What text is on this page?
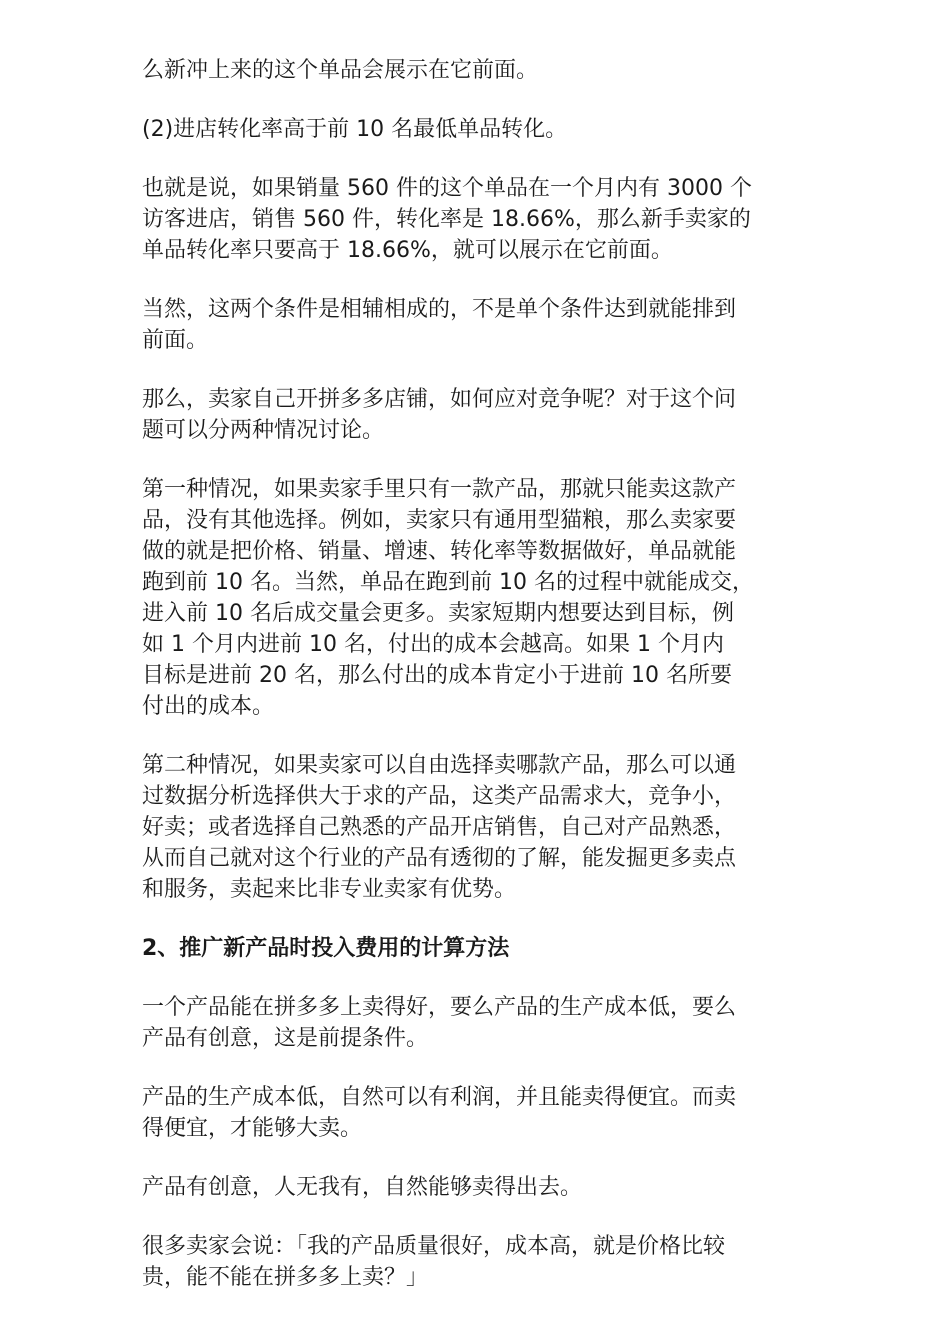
么新冲上来的这个单品会展示在它前面。

(2)进店转化率高于前 10 名最低单品转化。

也就是说，如果销量 560 件的这个单品在一个月内有 3000 个
访客进店，销售 560 件，转化率是 18.66%，那么新手卖家的
单品转化率只要高于 18.66%，就可以展示在它前面。

当然，这两个条件是相辅相成的，不是单个条件达到就能排到
前面。

那么，卖家自己开拼多多店铺，如何应对竞争呢？对于这个问
题可以分两种情况讨论。

第一种情况，如果卖家手里只有一款产品，那就只能卖这款产
品，没有其他选择。例如，卖家只有通用型猫粮，那么卖家要
做的就是把价格、销量、增速、转化率等数据做好，单品就能
跑到前 10 名。当然，单品在跑到前 10 名的过程中就能成交，
进入前 10 名后成交量会更多。卖家短期内想要达到目标，例
如 1 个月内进前 10 名，付出的成本会越高。如果 1 个月内
目标是进前 20 名，那么付出的成本肯定小于进前 10 名所要
付出的成本。

第二种情况，如果卖家可以自由选择卖哪款产品，那么可以通
过数据分析选择供大于求的产品，这类产品需求大，竞争小，
好卖；或者选择自己熟悉的产品开店销售，自己对产品熟悉，
从而自己就对这个行业的产品有透彻的了解，能发掘更多卖点
和服务，卖起来比非专业卖家有优势。

2、推广新产品时投入费用的计算方法

一个产品能在拼多多上卖得好，要么产品的生产成本低，要么
产品有创意，这是前提条件。

产品的生产成本低，自然可以有利润，并且能卖得便宜。而卖
得便宜，才能够大卖。

产品有创意，人无我有，自然能够卖得出去。

很多卖家会说：「我的产品质量很好，成本高，就是价格比较
贵，能不能在拼多多上卖？」
